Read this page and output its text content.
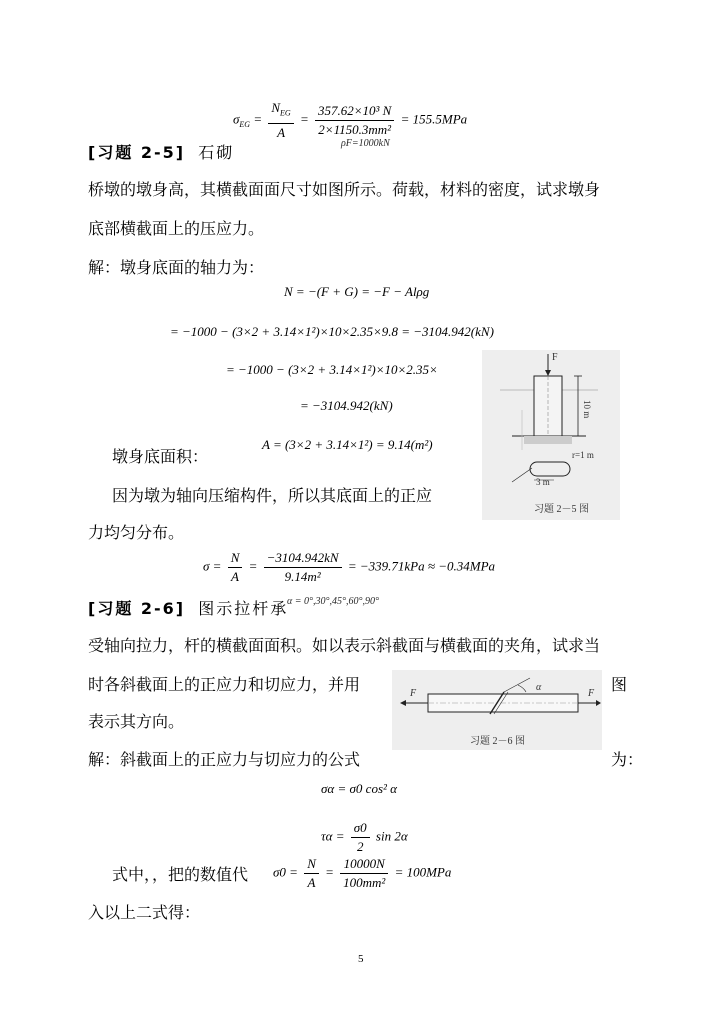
$\sigma_{EG} = \frac{N_{EG}}{A} = \frac{\text{357.62×10³ N}}{\text{2×1150.3mm²}} = 155.5MPa$
ρF=1000kN
[习题 2-5] 石砌
桥墩的墩身高，其横截面面尺寸如图所示。荷载，材料的密度，试求墩身
底部横截面上的压应力。
解：墩身底面的轴力为：
N = −(F + G) = −F − Alρg
= −1000 − (3×2 + 3.14×1²)×10×2.35×9.8 = −3104.942(kN)
= −1000 − (3×2 + 3.14×1²)×10×2.35×
= −3104.942(kN)
A = (3×2 + 3.14×1²) = 9.14(m²)
墩身底面积：
因为墩为轴向压缩构件，所以其底面上的正应
力均匀分布。
F
10 m
r=1 m
3 m
习题 2－5 图
$\sigma = \frac{N}{A} = \frac{-3104.942kN}{\text{9.14m²}} = -339.71kPa \approx -0.34MPa$
α = 0°,30°,45°,60°,90°
[习题 2-6] 图示拉杆承
受轴向拉力，杆的横截面面积。如以表示斜截面与横截面的夹角，试求当
时各斜截面上的正应力和切应力，并用	图
表示其方向。
解：斜截面上的正应力与切应力的公式	为：
F	F
α
习题 2－6 图
σα = σ0 cos² α
$\tau\alpha = \frac{\sigma 0}{2}$ sin 2α
式中，，把的数值代 $\sigma 0 = \frac{N}{A} = \frac{10000N}{\text{100mm²}} = 100MPa$
入以上二式得：
5
